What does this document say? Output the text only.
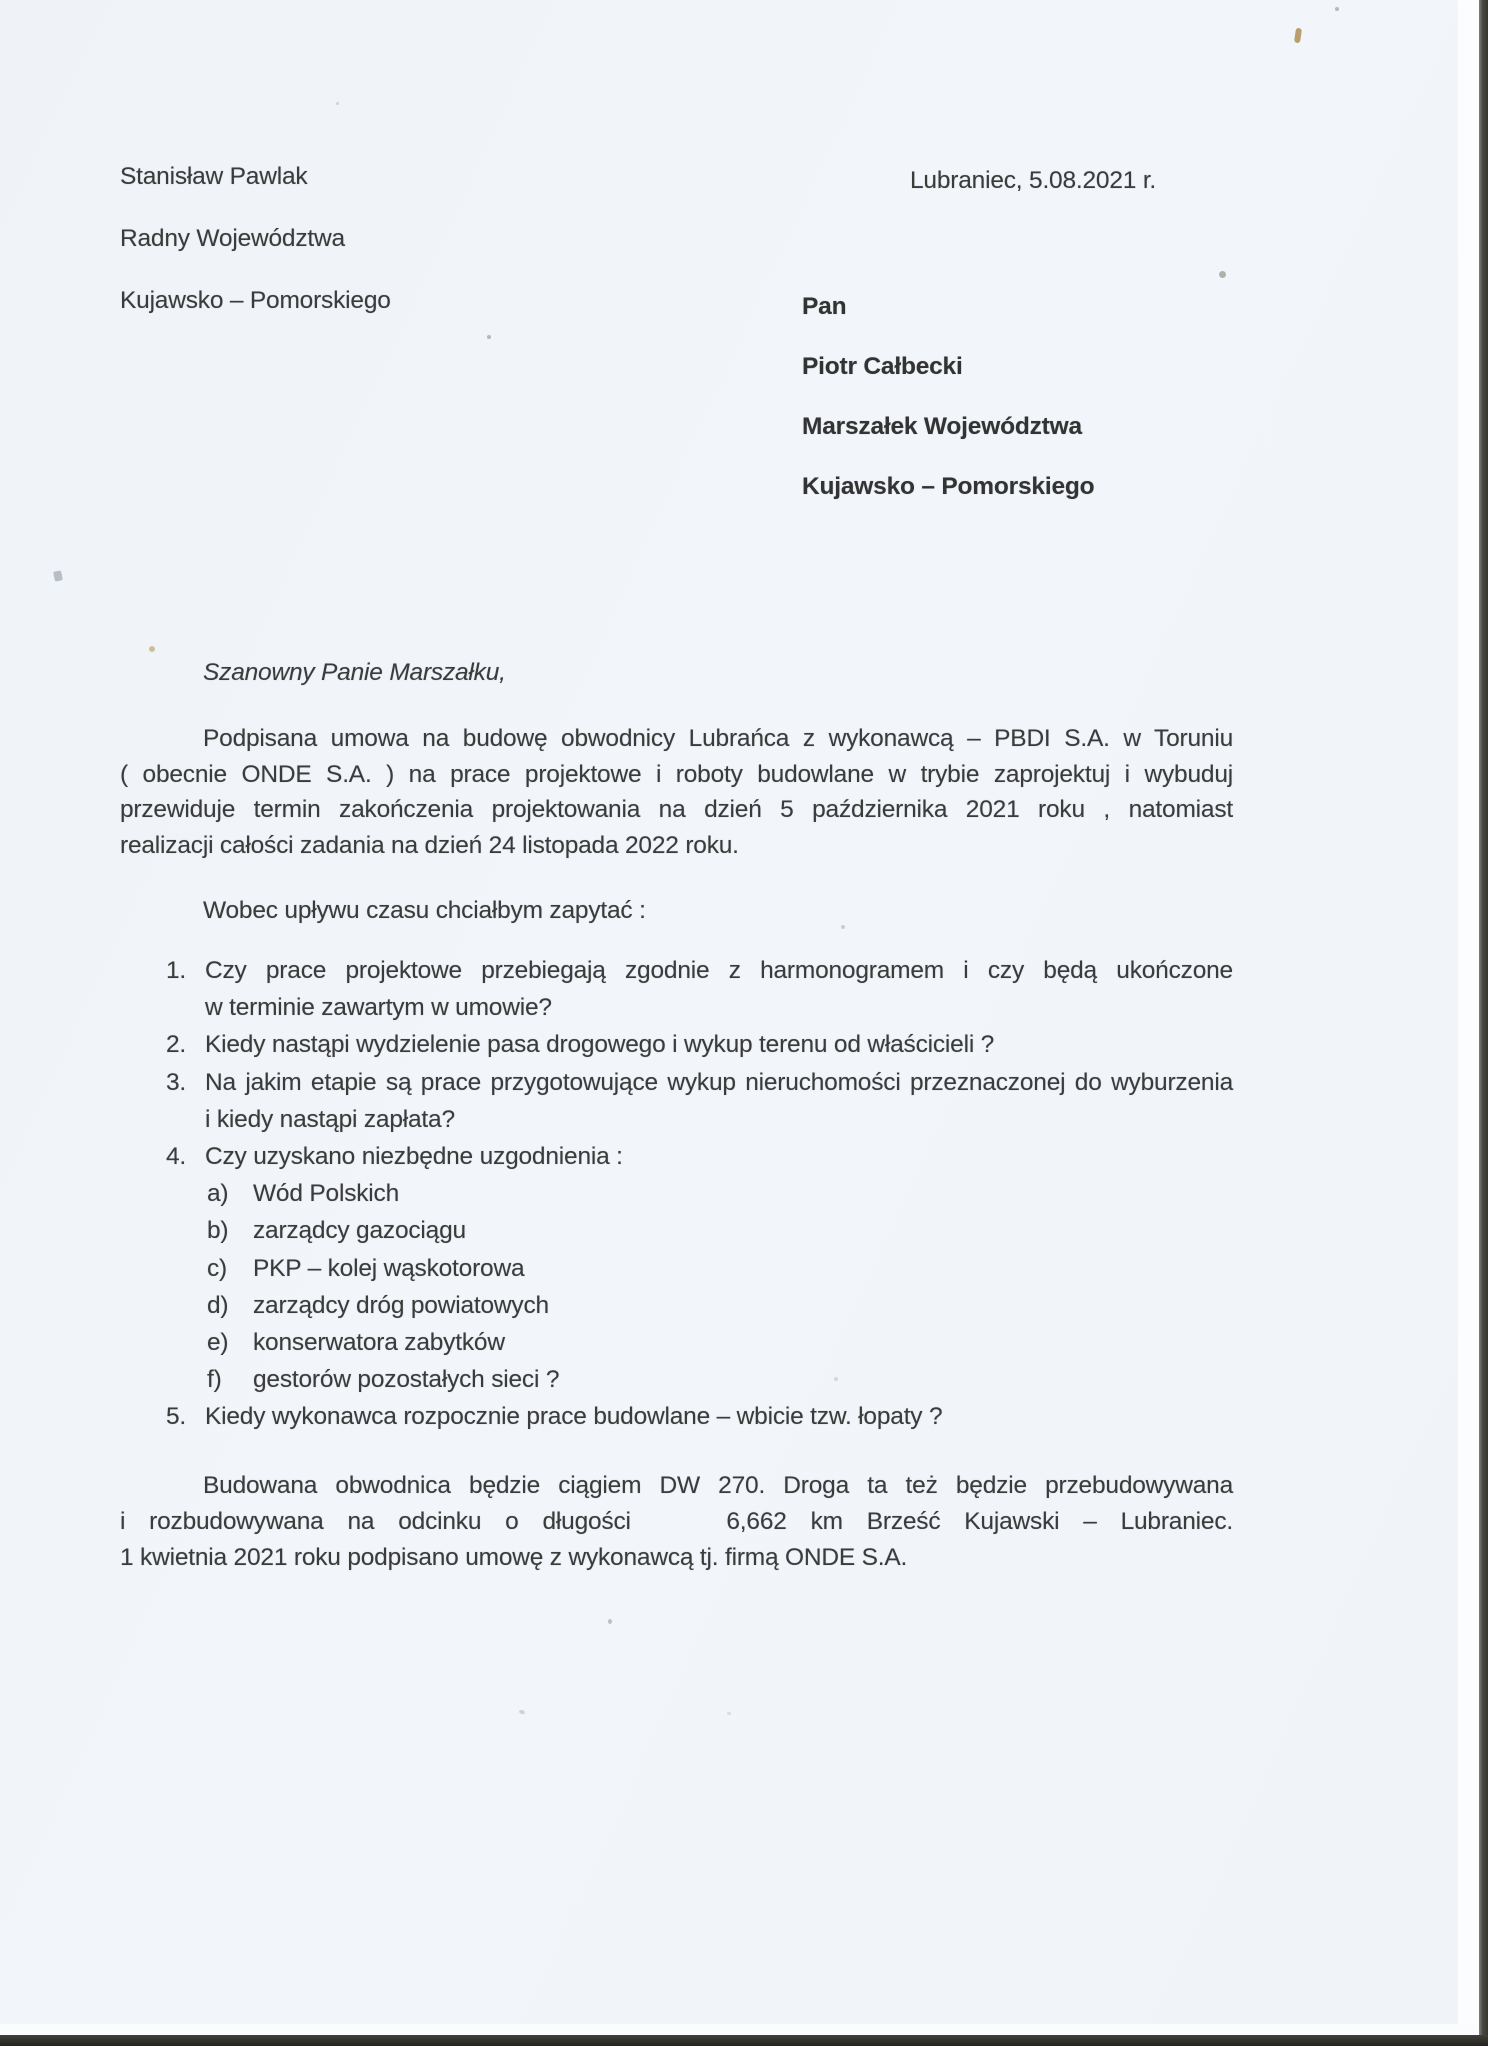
Stanisław Pawlak
Radny Województwa
Kujawsko – Pomorskiego
Lubraniec, 5.08.2021 r.
Pan
Piotr Całbecki
Marszałek Województwa
Kujawsko – Pomorskiego
Szanowny Panie Marszałku,
Podpisana umowa na budowę obwodnicy Lubrańca z wykonawcą – PBDI S.A. w Toruniu
( obecnie ONDE S.A. ) na prace projektowe i roboty budowlane w trybie zaprojektuj i wybuduj
przewiduje termin zakończenia projektowania na dzień 5 października 2021 roku , natomiast
realizacji całości zadania na dzień 24 listopada 2022 roku.
Wobec upływu czasu chciałbym zapytać :
1. Czy prace projektowe przebiegają zgodnie z harmonogramem i czy będą ukończone
w terminie zawartym w umowie?
2. Kiedy nastąpi wydzielenie pasa drogowego i wykup terenu od właścicieli ?
3. Na jakim etapie są prace przygotowujące wykup nieruchomości przeznaczonej do wyburzenia
i kiedy nastąpi zapłata?
4. Czy uzyskano niezbędne uzgodnienia :
a)	Wód Polskich
b)	zarządcy gazociągu
c)	PKP – kolej wąskotorowa
d)	zarządcy dróg powiatowych
e)	konserwatora zabytków
f)	gestorów pozostałych sieci ?
5. Kiedy wykonawca rozpocznie prace budowlane – wbicie tzw. łopaty ?
Budowana obwodnica będzie ciągiem DW 270. Droga ta też będzie przebudowywana
i rozbudowywana na odcinku o długości    6,662 km Brześć Kujawski – Lubraniec.
1 kwietnia 2021 roku podpisano umowę z wykonawcą tj. firmą ONDE S.A.
